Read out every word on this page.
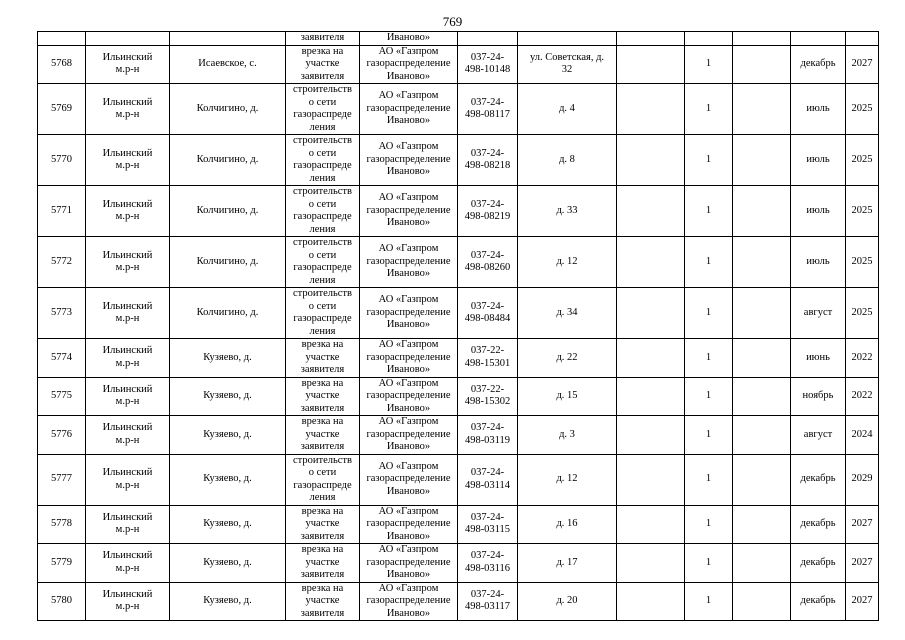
769
			заявителя	Иваново»							
5768	Ильинский
м.р-н	Исаевское, с.	врезка на
участке
заявителя	АО «Газпром
газораспределение
Иваново»	037-24-
498-10148	ул. Советская, д.
32		1		декабрь	2027
5769	Ильинский
м.р-н	Колчигино, д.	строительств
о сети
газораспреде
ления	АО «Газпром
газораспределение
Иваново»	037-24-
498-08117	д. 4		1		июль	2025
5770	Ильинский
м.р-н	Колчигино, д.	строительств
о сети
газораспреде
ления	АО «Газпром
газораспределение
Иваново»	037-24-
498-08218	д. 8		1		июль	2025
5771	Ильинский
м.р-н	Колчигино, д.	строительств
о сети
газораспреде
ления	АО «Газпром
газораспределение
Иваново»	037-24-
498-08219	д. 33		1		июль	2025
5772	Ильинский
м.р-н	Колчигино, д.	строительств
о сети
газораспреде
ления	АО «Газпром
газораспределение
Иваново»	037-24-
498-08260	д. 12		1		июль	2025
5773	Ильинский
м.р-н	Колчигино, д.	строительств
о сети
газораспреде
ления	АО «Газпром
газораспределение
Иваново»	037-24-
498-08484	д. 34		1		август	2025
5774	Ильинский
м.р-н	Кузяево, д.	врезка на
участке
заявителя	АО «Газпром
газораспределение
Иваново»	037-22-
498-15301	д. 22		1		июнь	2022
5775	Ильинский
м.р-н	Кузяево, д.	врезка на
участке
заявителя	АО «Газпром
газораспределение
Иваново»	037-22-
498-15302	д. 15		1		ноябрь	2022
5776	Ильинский
м.р-н	Кузяево, д.	врезка на
участке
заявителя	АО «Газпром
газораспределение
Иваново»	037-24-
498-03119	д. 3		1		август	2024
5777	Ильинский
м.р-н	Кузяево, д.	строительств
о сети
газораспреде
ления	АО «Газпром
газораспределение
Иваново»	037-24-
498-03114	д. 12		1		декабрь	2029
5778	Ильинский
м.р-н	Кузяево, д.	врезка на
участке
заявителя	АО «Газпром
газораспределение
Иваново»	037-24-
498-03115	д. 16		1		декабрь	2027
5779	Ильинский
м.р-н	Кузяево, д.	врезка на
участке
заявителя	АО «Газпром
газораспределение
Иваново»	037-24-
498-03116	д. 17		1		декабрь	2027
5780	Ильинский
м.р-н	Кузяево, д.	врезка на
участке
заявителя	АО «Газпром
газораспределение
Иваново»	037-24-
498-03117	д. 20		1		декабрь	2027
